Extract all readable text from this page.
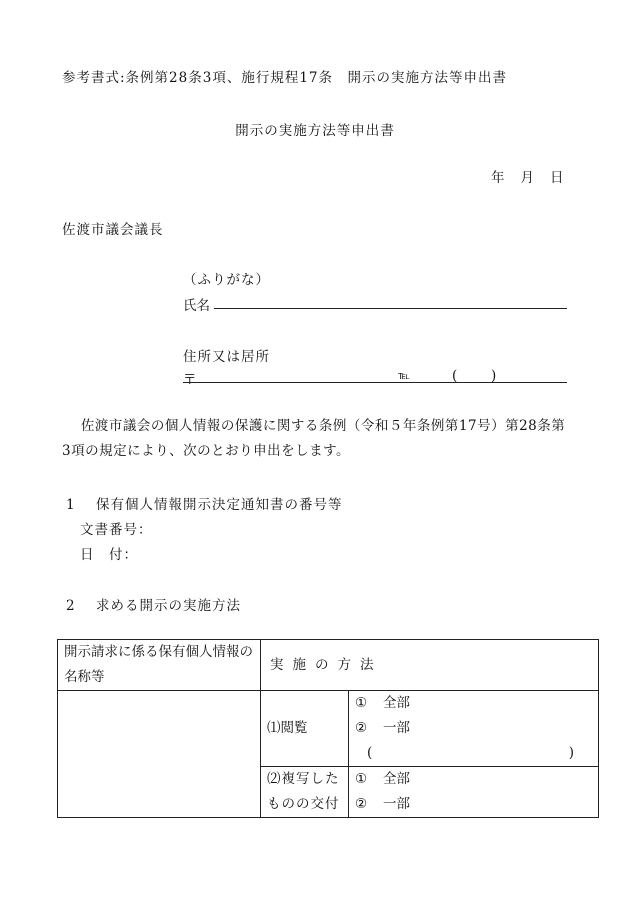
参考書式:条例第28条3項、施行規程17条　開示の実施方法等申出書
開示の実施方法等申出書
年 月 日
佐渡市議会議長
（ふりがな）
氏名
住所又は居所
〒	℡	( )
佐渡市議会の個人情報の保護に関する条例（令和５年条例第17号）第28条第3項の規定により、次のとおり申出をします。
1 保有個人情報開示決定通知書の番号等
文書番号：
日　付：
2 求める開示の実施方法
開示請求に係る保有個人情報の名称等	実施の方法	
	⑴閲覧	① 全部
② 一部
( )

	⑵複写したものの交付	① 全部
② 一部
